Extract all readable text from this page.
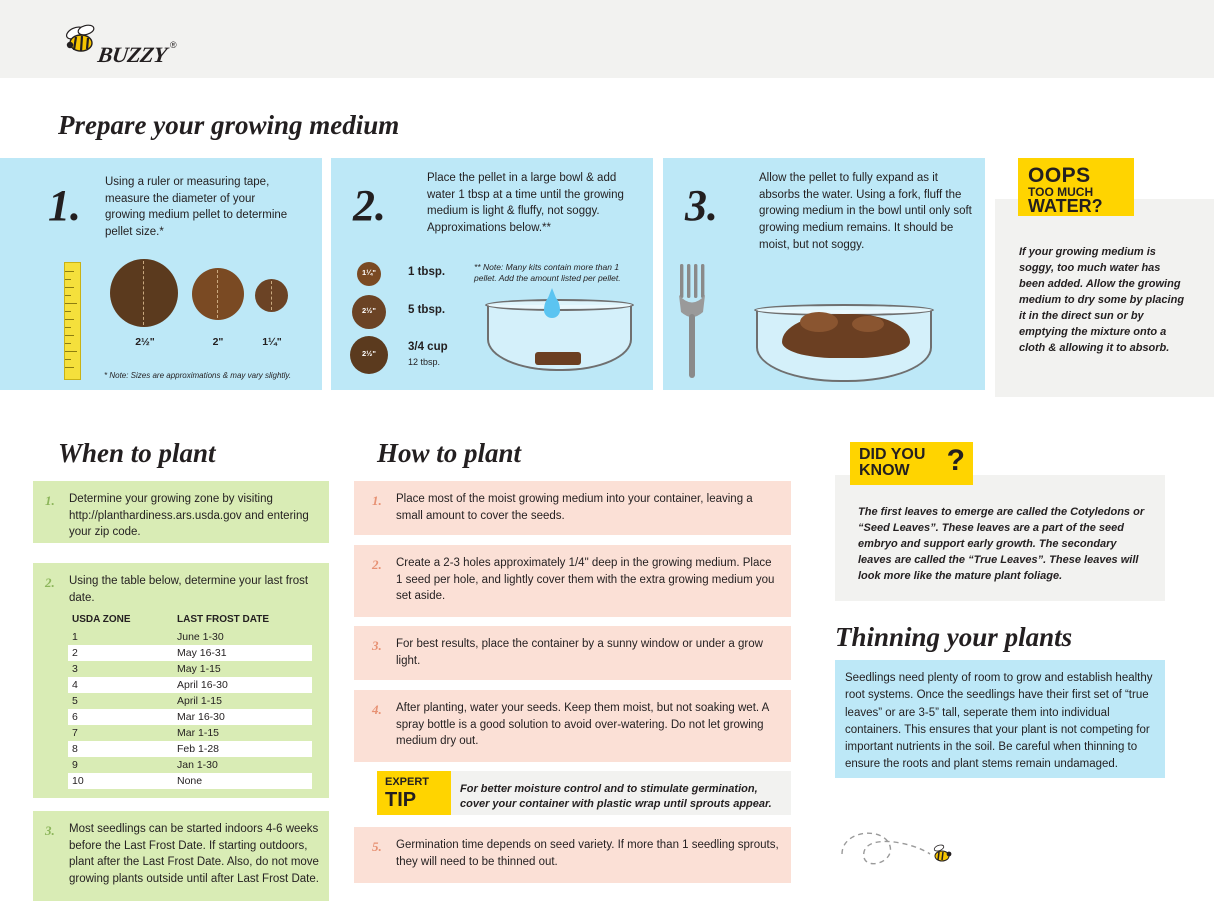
BUZZY ®
Prepare your growing medium
1. Using a ruler or measuring tape, measure the diameter of your growing medium pellet to determine pellet size.*
2½"	2"	1¼"
* Note: Sizes are approximations & may vary slightly.
2.
Place the pellet in a large bowl & add water 1 tbsp at a time until the growing medium is light & fluffy, not soggy. Approximations below.**
1¼"	1 tbsp.
2½"	5 tbsp.
2½"
3/4 cup
12 tbsp.
** Note: Many kits contain more than 1 pellet. Add the amount listed per pellet.
3.
Allow the pellet to fully expand as it absorbs the water. Using a fork, fluff the growing medium in the bowl until only soft growing medium remains. It should be moist, but not soggy.
OOPS
TOO MUCH
WATER?
If your growing medium is soggy, too much water has been added. Allow the growing medium to dry some by placing it in the direct sun or by emptying the mixture onto a cloth & allowing it to absorb.
When to plant
1. Determine your growing zone by visiting http://planthardiness.ars.usda.gov and entering your zip code.
2. Using the table below, determine your last frost date.
USDA ZONE	LAST FROST DATE
1	June 1-30
2	May 16-31
3	May 1-15
4	April 16-30
5	April 1-15
6	Mar 16-30
7	Mar 1-15
8	Feb 1-28
9	Jan 1-30
10	None
3. Most seedlings can be started indoors 4-6 weeks before the Last Frost Date. If starting outdoors, plant after the Last Frost Date. Also, do not move growing plants outside until after Last Frost Date.
How to plant
1. Place most of the moist growing medium into your container, leaving a small amount to cover the seeds.
2. Create a 2-3 holes approximately 1/4" deep in the growing medium. Place 1 seed per hole, and lightly cover them with the extra growing medium you set aside.
3. For best results, place the container by a sunny window or under a grow light.
4. After planting, water your seeds. Keep them moist, but not soaking wet. A spray bottle is a good solution to avoid over-watering. Do not let growing medium dry out.
EXPERT
TIP	For better moisture control and to stimulate germination, cover your container with plastic wrap until sprouts appear.
5. Germination time depends on seed variety. If more than 1 seedling sprouts, they will need to be thinned out.
DID YOU
KNOW ?
The first leaves to emerge are called the Cotyledons or “Seed Leaves”. These leaves are a part of the seed embryo and support early growth. The secondary leaves are called the “True Leaves”. These leaves will look more like the mature plant foliage.
Thinning your plants
Seedlings need plenty of room to grow and establish healthy root systems. Once the seedlings have their first set of “true leaves” or are 3-5” tall, seperate them into individual containers. This ensures that your plant is not competing for important nutrients in the soil. Be careful when thinning to ensure the roots and plant stems remain undamaged.
